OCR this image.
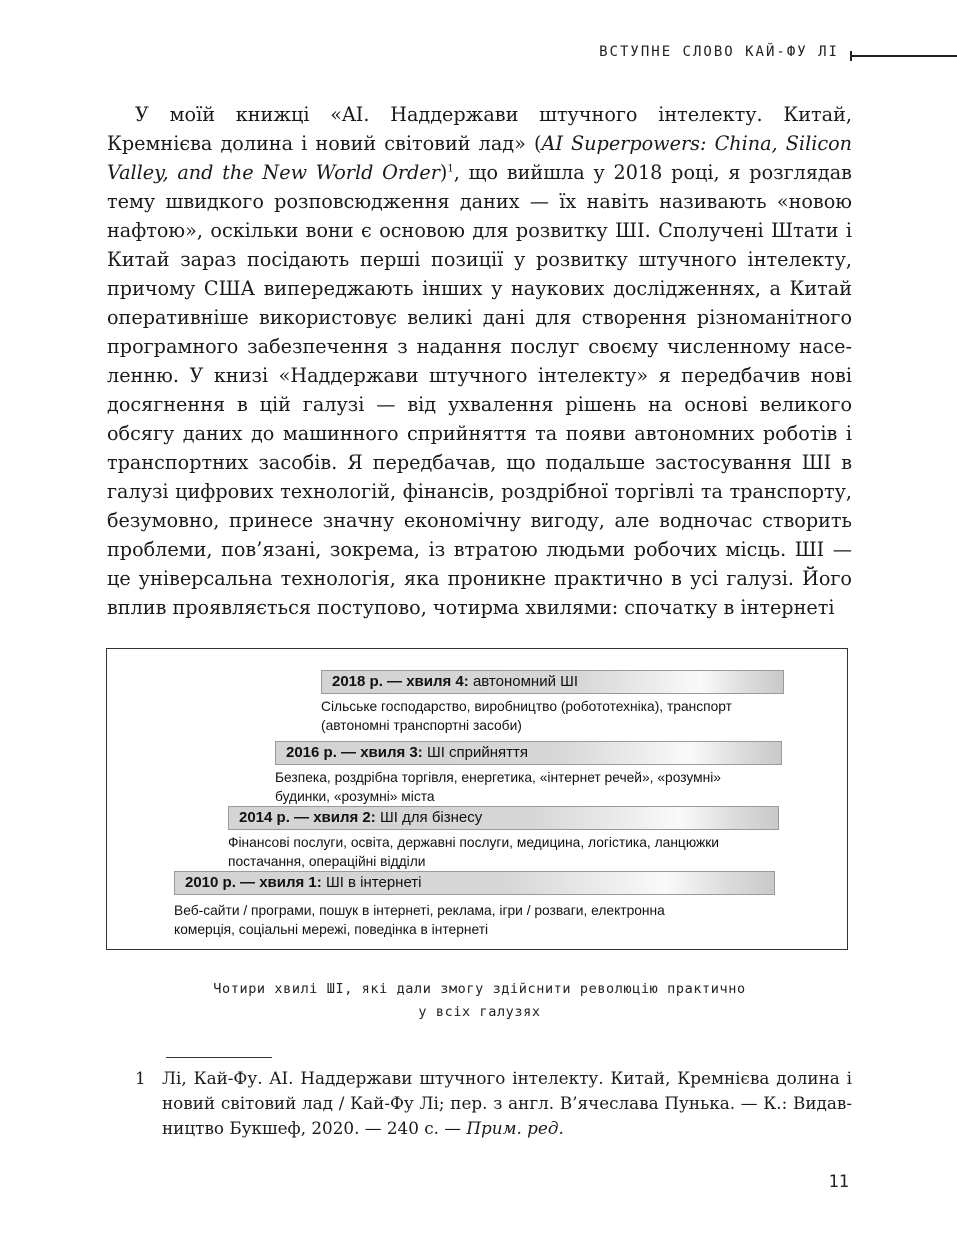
ВСТУПНЕ СЛОВО КАЙ-ФУ ЛІ

У моїй книжці «AI. Наддержави штучного інтелекту. Китай, Кремнієва долина і новий світовий лад» (AI Superpowers: China, Silicon Valley, and the New World Order)$^1$, що вийшла у 2018 році, я розглядав тему швидкого розповсюдження даних — їх навіть називають «новою нафтою», оскільки вони є основою для розвитку ШІ. Сполучені Штати і Китай зараз посідають перші позиції у розвитку штучного інтелекту, причому США випереджають інших у наукових дослідженнях, а Китай оперативніше використовує великі дані для створення різноманітного програмного забезпечення з надання послуг своєму численному населенню. У книзі «Наддержави штучного інтелекту» я передбачив нові досягнення в цій галузі — від ухвалення рішень на основі великого обсягу даних до машинного сприйняття та появи автономних роботів і транспортних засобів. Я передбачав, що подальше застосування ШІ в галузі цифрових технологій, фінансів, роздрібної торгівлі та транспорту, безумовно, принесе значну економічну вигоду, але водночас створить проблеми, пов’язані, зокрема, із втратою людьми робочих місць. ШІ — це універсальна технологія, яка проникне практично в усі галузі. Його вплив проявляється поступово, чотирма хвилями: спочатку в інтернеті

2018 р. — хвиля 4: автономний ШІ
Сільське господарство, виробництво (робототехніка), транспорт
(автономні транспортні засоби)
2016 р. — хвиля 3: ШІ сприйняття
Безпека, роздрібна торгівля, енергетика, «інтернет речей», «розумні»
будинки, «розумні» міста
2014 р. — хвиля 2: ШІ для бізнесу
Фінансові послуги, освіта, державні послуги, медицина, логістика, ланцюжки
постачання, операційні відділи
2010 р. — хвиля 1: ШІ в інтернеті
Веб-сайти / програми, пошук в інтернеті, реклама, ігри / розваги, електронна
комерція, соціальні мережі, поведінка в інтернеті
Чотири хвилі ШІ, які дали змогу здійснити революцію практично
у всіх галузях
1 Лі, Кай-Фу. AI. Наддержави штучного інтелекту. Китай, Кремнієва долина і новий світовий лад / Кай-Фу Лі; пер. з англ. В’ячеслава Пунька. — К.: Видавництво Букшеф, 2020. — 240 с. — Прим. ред.
11
